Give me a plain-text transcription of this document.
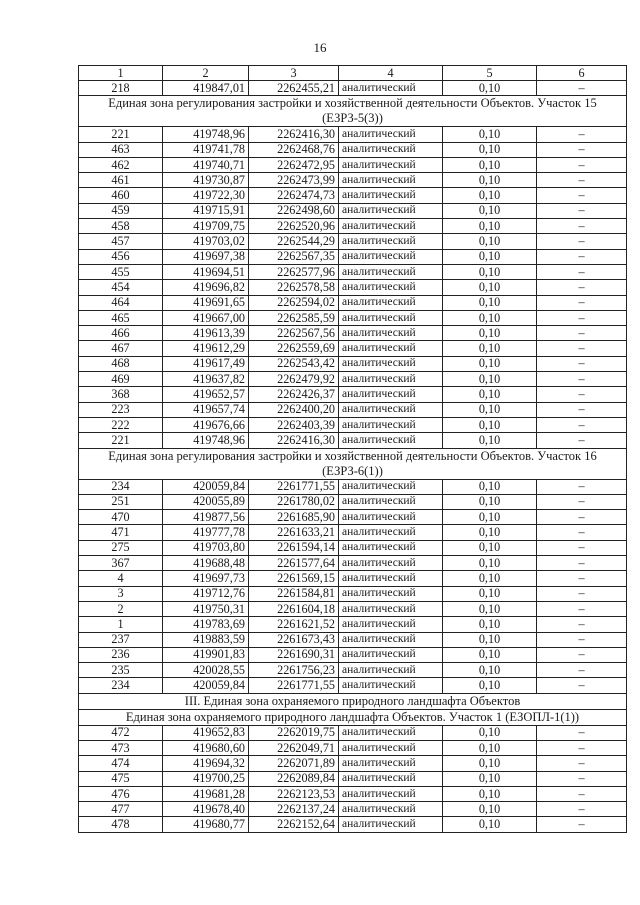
16
1	2	3	4	5	6
218	419847,01	2262455,21	аналитический	0,10	–
Единая зона регулирования застройки и хозяйственной деятельности Объектов. Участок 15 (ЕЗРЗ-5(3))					
221	419748,96	2262416,30	аналитический	0,10	–
463	419741,78	2262468,76	аналитический	0,10	–
462	419740,71	2262472,95	аналитический	0,10	–
461	419730,87	2262473,99	аналитический	0,10	–
460	419722,30	2262474,73	аналитический	0,10	–
459	419715,91	2262498,60	аналитический	0,10	–
458	419709,75	2262520,96	аналитический	0,10	–
457	419703,02	2262544,29	аналитический	0,10	–
456	419697,38	2262567,35	аналитический	0,10	–
455	419694,51	2262577,96	аналитический	0,10	–
454	419696,82	2262578,58	аналитический	0,10	–
464	419691,65	2262594,02	аналитический	0,10	–
465	419667,00	2262585,59	аналитический	0,10	–
466	419613,39	2262567,56	аналитический	0,10	–
467	419612,29	2262559,69	аналитический	0,10	–
468	419617,49	2262543,42	аналитический	0,10	–
469	419637,82	2262479,92	аналитический	0,10	–
368	419652,57	2262426,37	аналитический	0,10	–
223	419657,74	2262400,20	аналитический	0,10	–
222	419676,66	2262403,39	аналитический	0,10	–
221	419748,96	2262416,30	аналитический	0,10	–
Единая зона регулирования застройки и хозяйственной деятельности Объектов. Участок 16 (ЕЗРЗ-6(1))					
234	420059,84	2261771,55	аналитический	0,10	–
251	420055,89	2261780,02	аналитический	0,10	–
470	419877,56	2261685,90	аналитический	0,10	–
471	419777,78	2261633,21	аналитический	0,10	–
275	419703,80	2261594,14	аналитический	0,10	–
367	419688,48	2261577,64	аналитический	0,10	–
4	419697,73	2261569,15	аналитический	0,10	–
3	419712,76	2261584,81	аналитический	0,10	–
2	419750,31	2261604,18	аналитический	0,10	–
1	419783,69	2261621,52	аналитический	0,10	–
237	419883,59	2261673,43	аналитический	0,10	–
236	419901,83	2261690,31	аналитический	0,10	–
235	420028,55	2261756,23	аналитический	0,10	–
234	420059,84	2261771,55	аналитический	0,10	–
III. Единая зона охраняемого природного ландшафта Объектов					
Единая зона охраняемого природного ландшафта Объектов. Участок 1 (ЕЗОПЛ-1(1))					
472	419652,83	2262019,75	аналитический	0,10	–
473	419680,60	2262049,71	аналитический	0,10	–
474	419694,32	2262071,89	аналитический	0,10	–
475	419700,25	2262089,84	аналитический	0,10	–
476	419681,28	2262123,53	аналитический	0,10	–
477	419678,40	2262137,24	аналитический	0,10	–
478	419680,77	2262152,64	аналитический	0,10	–
